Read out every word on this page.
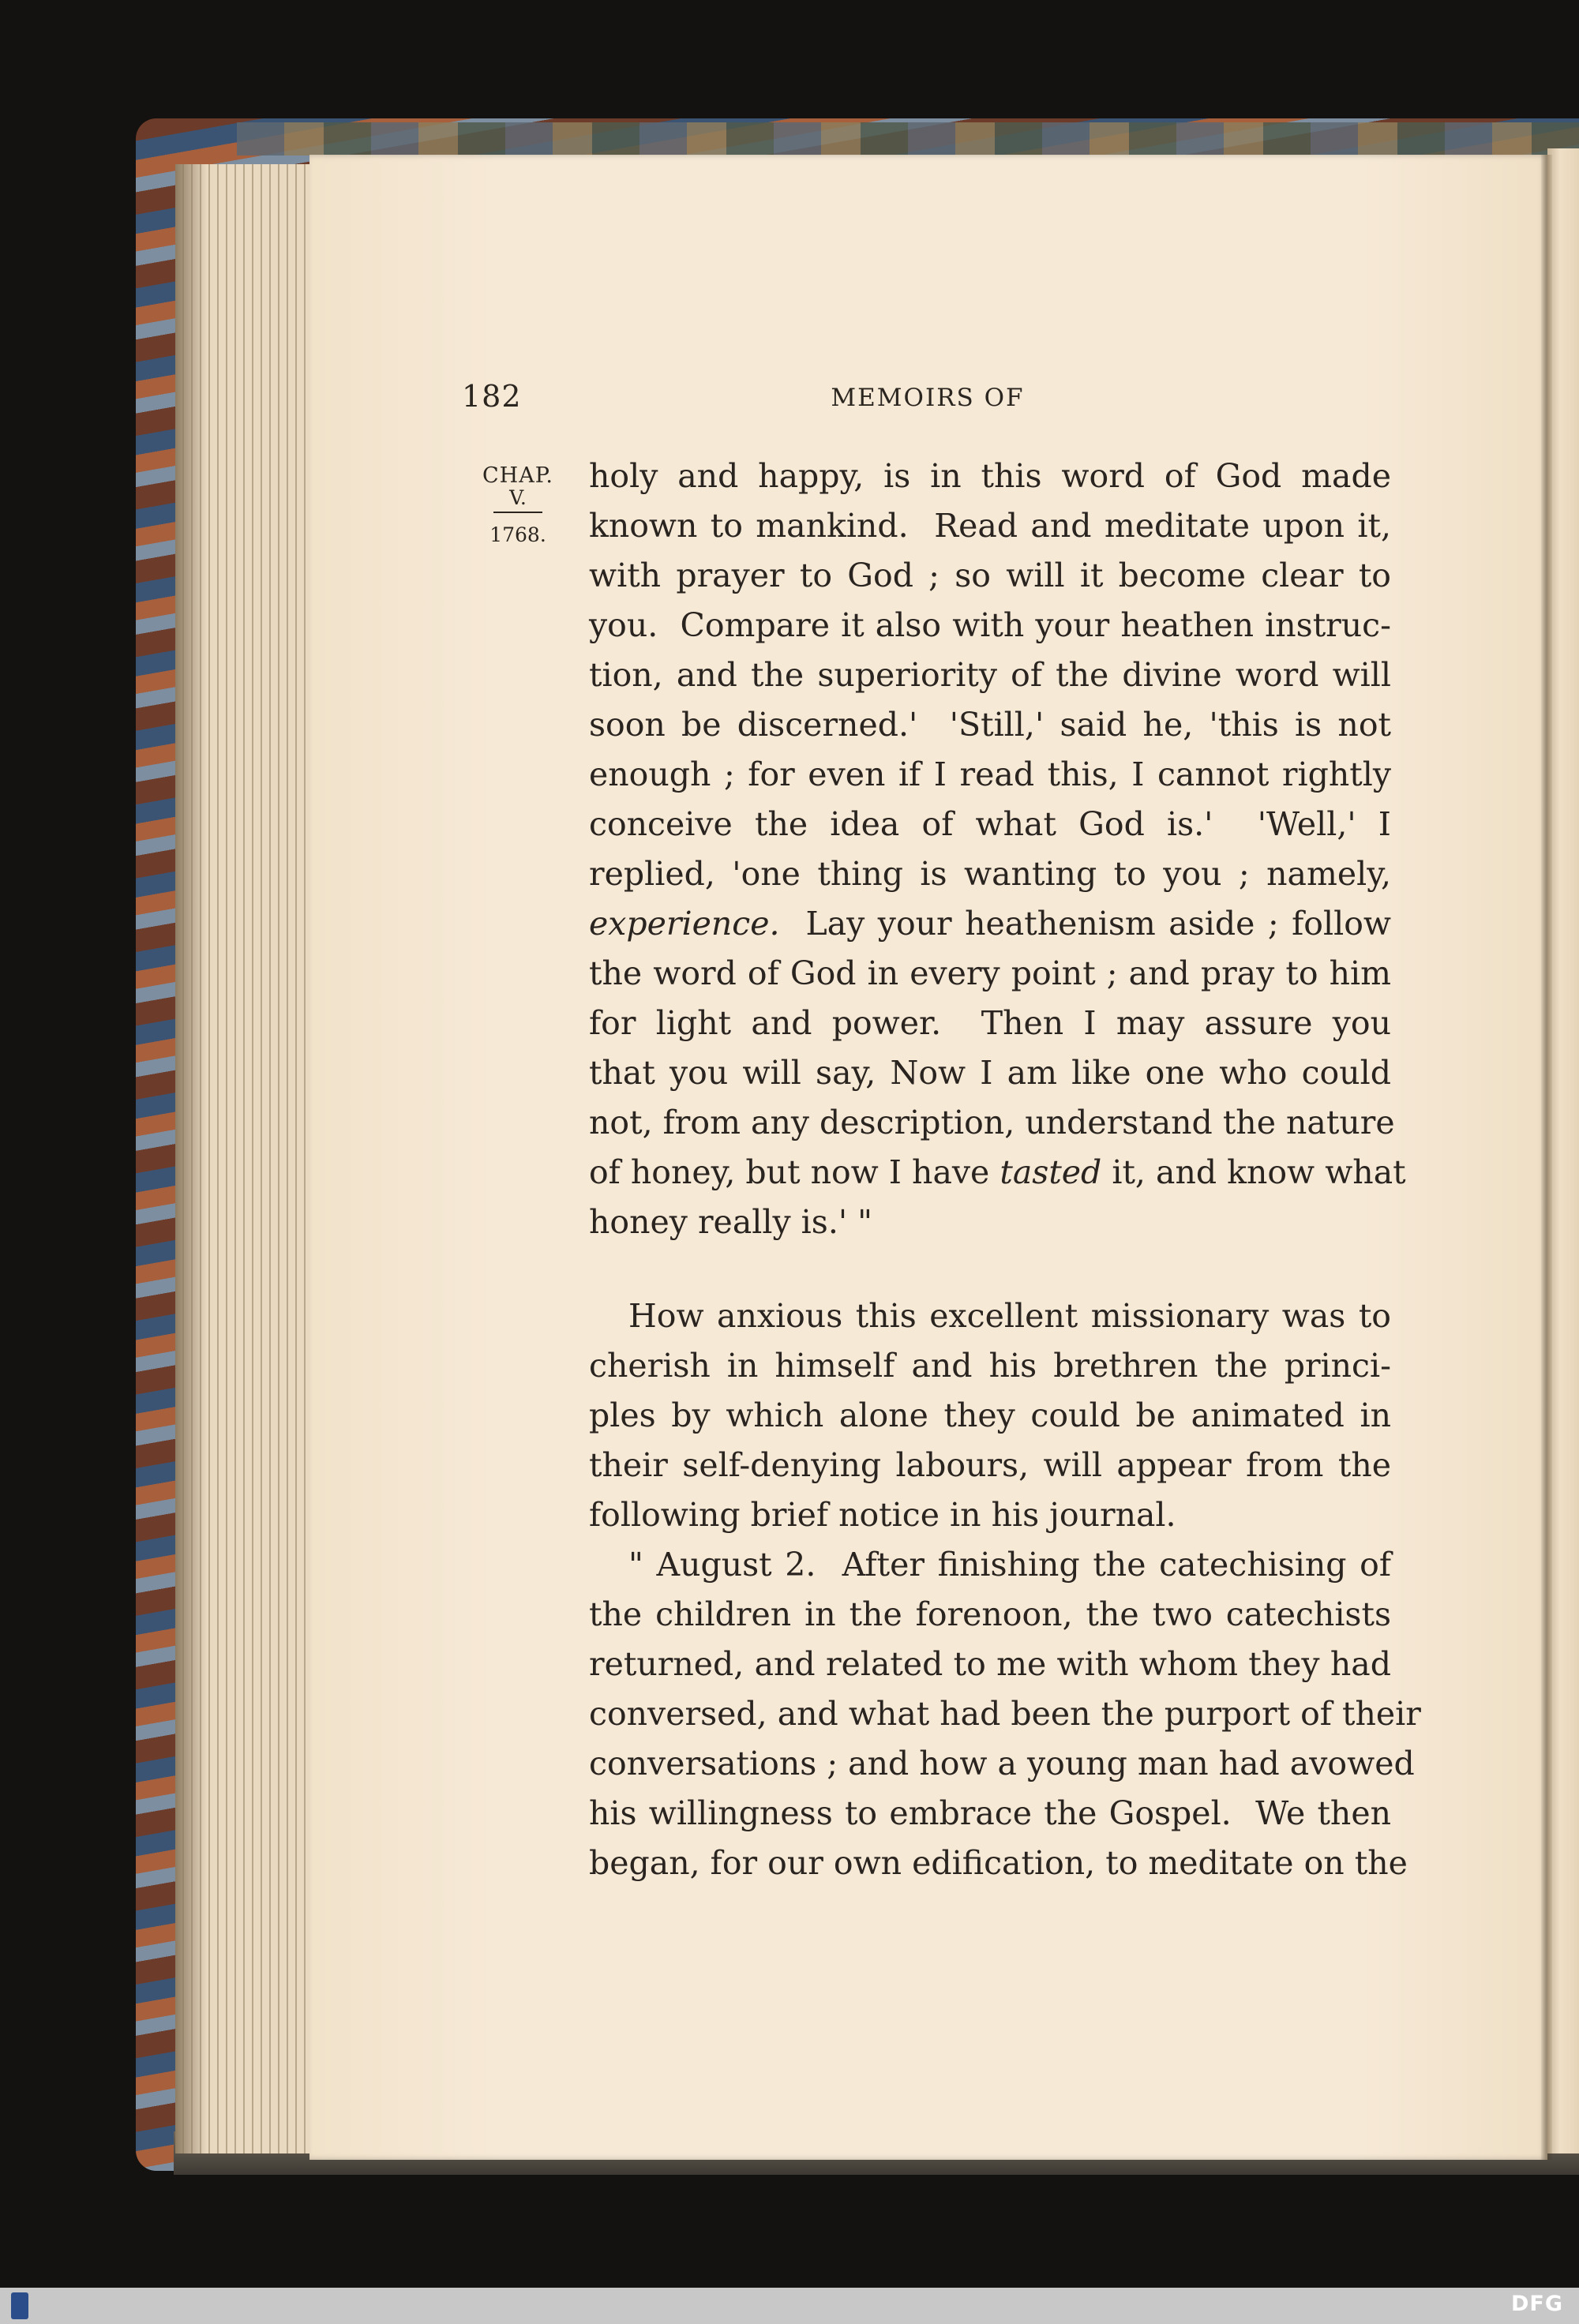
182	MEMOIRS OF
CHAP.
V.
1768.
holy and happy, is in this word of God made
known to mankind.  Read and meditate upon it,
with prayer to God ; so will it become clear to
you.  Compare it also with your heathen instruc-
tion, and the superiority of the divine word will
soon be discerned.'  'Still,' said he, 'this is not
enough ; for even if I read this, I cannot rightly
conceive the idea of what God is.'  'Well,' I
replied, 'one thing is wanting to you ; namely,
experience.  Lay your heathenism aside ; follow
the word of God in every point ; and pray to him
for light and power.  Then I may assure you
that you will say, Now I am like one who could
not, from any description, understand the nature
of honey, but now I have tasted it, and know what
honey really is.' "
How anxious this excellent missionary was to
cherish in himself and his brethren the princi-
ples by which alone they could be animated in
their self-denying labours, will appear from the
following brief notice in his journal.
" August 2.  After finishing the catechising of
the children in the forenoon, the two catechists
returned, and related to me with whom they had
conversed, and what had been the purport of their
conversations ; and how a young man had avowed
his willingness to embrace the Gospel.  We then
began, for our own edification, to meditate on the
DFG
